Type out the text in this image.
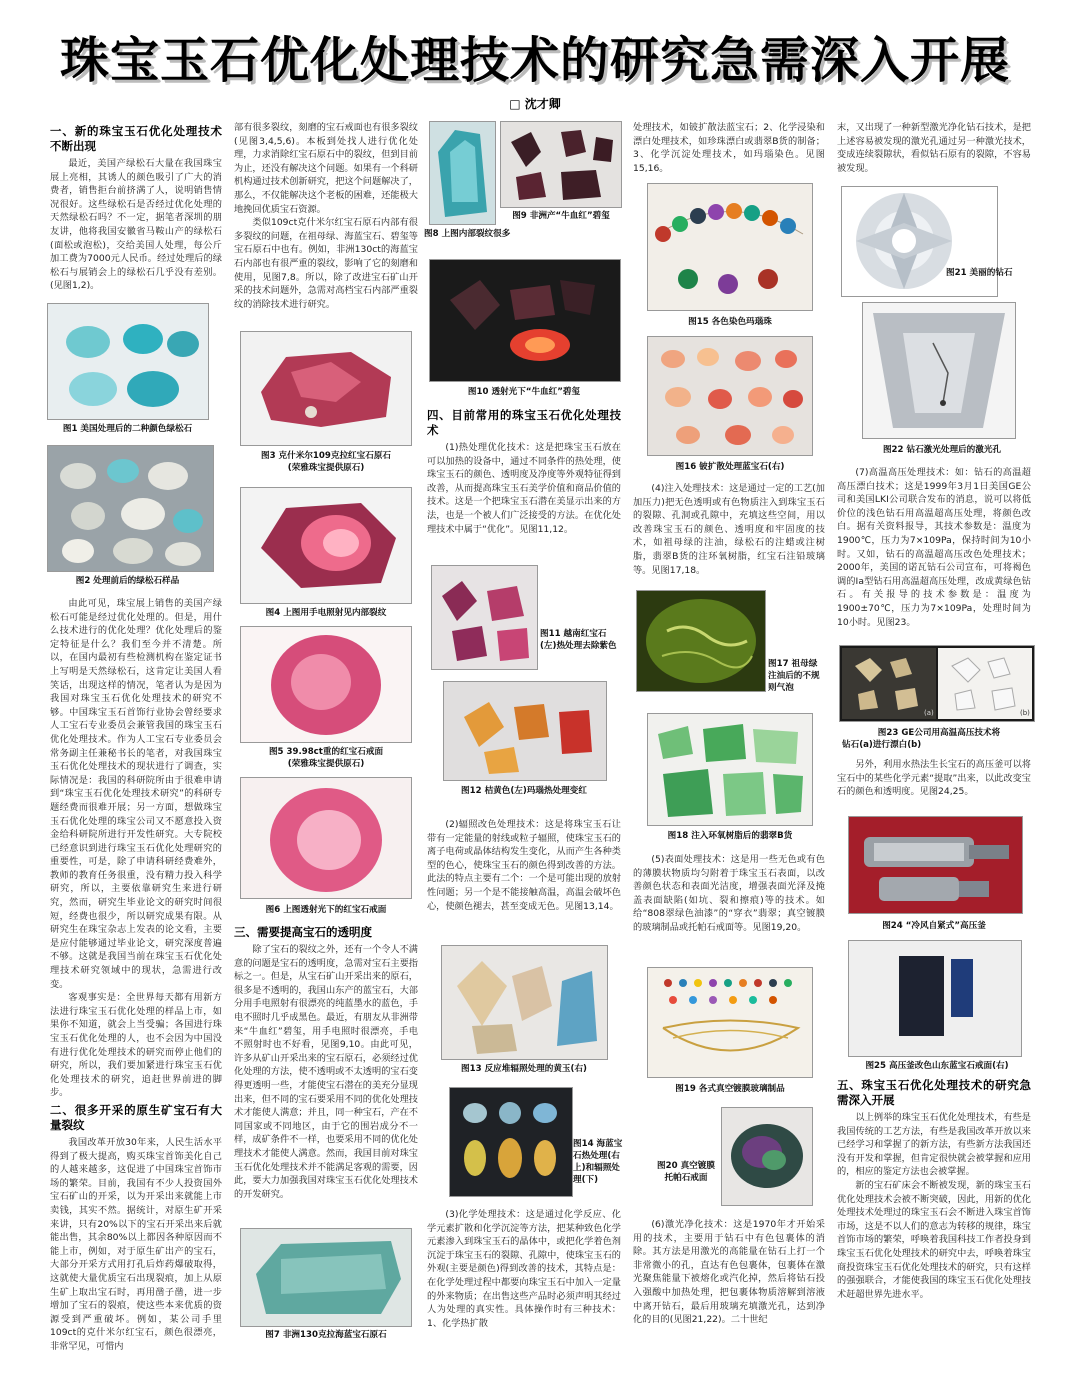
珠宝玉石优化处理技术的研究急需深入开展
□ 沈才卿
一、新的珠宝玉石优化处理技术不断出现

最近，美国产绿松石大量在我国珠宝展上亮相，其诱人的颜色吸引了广大的消费者，销售拒台前挤满了人，说明销售情况很好。这些绿松石是否经过优化处理的天然绿松石吗？不一定，据笔者深圳的朋友讲，他将我国安徽省马鞍山产的绿松石(面松或泡松)，交给美国人处理，每公斤加工费为7000元人民币。经过处理后的绿松石与展销会上的绿松石几乎没有差别。(见图1,2)。

图1 美国处理后的二种颜色绿松石
图2 处理前后的绿松石样品

由此可见，珠宝展上销售的美国产绿松石可能是经过优化处理的。但是，用什么技术进行的优化处理？优化处理后的鉴定特征是什么？我们至今并不清楚。所以，在国内最初有些检测机构在鉴定证书上写明是天然绿松石，这肯定让美国人看笑话，出现这样的情况，笔者认为是因为我国对珠宝玉石优化处理技术的研究不够。中国珠宝玉石首饰行业协会曾经要求人工宝石专业委员会兼管我国的珠宝玉石优化处理技术。作为人工宝石专业委员会常务副主任兼秘书长的笔者，对我国珠宝玉石优化处理技术的现状进行了调查，实际情况是：我国的科研院所由于很难申请到“珠宝玉石优化处理技术研究”的科研专题经费而很难开展；另一方面，想做珠宝玉石优化处理的珠宝公司又不愿意投入资金给科研院所进行开发性研究。大专院校已经意识到进行珠宝玉石优化处理研究的重要性，可是，除了申请科研经费难外，教师的教育任务很重，没有精力投入科学研究，所以，主要依靠研究生来进行研究，然而，研究生毕业论文的研究时间很短，经费也很少，所以研究成果有限。从研究生在珠宝杂志上发表的论文看，主要是应付能够通过毕业论文，研究深度普遍不够。这就是我国当前在珠宝玉石优化处理技术研究领域中的现状，急需进行改变。

客观事实是：全世界每天都有用新方法进行珠宝玉石优化处理的样品上市，如果你不知道，就会上当受骗；各国进行珠宝玉石优化处理的人，也不会因为中国没有进行优化处理技术的研究而停止他们的研究，所以，我们要加紧进行珠宝玉石优化处理技术的研究，追赶世界前进的脚步。

二、很多开采的原生矿宝石有大量裂纹

我国改革开放30年来，人民生活水平得到了极大提高，购买珠宝首饰美化自己的人越来越多，这促进了中国珠宝首饰市场的繁荣。目前，我国有不少人投资国外宝石矿山的开采，以为开采出来就能上市卖钱，其实不然。据统计，对原生矿开采来讲，只有20%以下的宝石开采出来后就能出售，其余80%以上都因各种原因而不能上市，例如，对于原生矿出产的宝石，大部分开采方式用打孔后炸药爆破取得，这就使大量优质宝石出现裂痕，加上从原生矿上取出宝石时，再用凿子凿，进一步增加了宝石的裂痕，使这些本来优质的资源受到严重破坏。例如，某公司手里109ct的克什米尔红宝石，颜色很漂亮，非常罕见，可惜内

部有很多裂纹，刻磨的宝石戒面也有很多裂纹(见图3,4,5,6)。本板到处找人进行优化处理，力求消除红宝石原石中的裂纹，但到目前为止，还没有解决这个问题。如果有一个科研机构通过技术创新研究，把这个问题解决了，那么，不仅能解决这个老板的困难，还能极大地挽回优质宝石资源。

类似109ct克什米尔红宝石原石内部有很多裂纹的问题，在祖母绿、海蓝宝石、碧玺等宝石原石中也有。例如，非洲130ct的海蓝宝石内部也有很严重的裂纹，影响了它的刻磨和使用，见图7,8。所以，除了改进宝石矿山开采的技术问题外，急需对高档宝石内部严重裂纹的消除技术进行研究。

图3 克什米尔109克拉红宝石原石
(荣雅珠宝提供原石)
图4 上图用手电照射见内部裂纹
图5 39.98ct重的红宝石戒面
(荣雅珠宝提供原石)
图6 上图透射光下的红宝石戒面
三、需要提高宝石的透明度

除了宝石的裂纹之外，还有一个令人不满意的问题是宝石的透明度，急需对宝石主要指标之一。但是，从宝石矿山开采出来的原石，很多是不透明的，我国山东产的蓝宝石，大部分用手电照射有很漂亮的纯蓝墨水的蓝色，手电不照时几乎成黑色。最近，有朋友从非洲带来“牛血红”碧玺，用手电照时很漂亮，手电不照射时也不好看，见图9,10。由此可见，许多从矿山开采出来的宝石原石，必须经过优化处理的方法，使不透明或不太透明的宝石变得更透明一些，才能使宝石潜在的美充分显现出来，但不同的宝石要采用不同的优化处理技术才能使人满意；并且，同一种宝石，产在不同国家或不同地区，由于它的围岩成分不一样，成矿条件不一样，也要采用不同的优化处理技术才能使人满意。然而，我国目前对珠宝玉石优化处理技术并不能满足客观的需要，因此，要大力加强我国对珠宝玉石优化处理技术的开发研究。

图7 非洲130克拉海蓝宝石原石
图9 非洲产“牛血红”碧玺
图8 上图内部裂纹很多
图10 透射光下“牛血红”碧玺
四、目前常用的珠宝玉石优化处理技术

(1)热处理优化技术：这是把珠宝玉石放在可以加热的设备中，通过不同条件的热处理，使珠宝玉石的颜色、透明度及净度等外观特征得到改善，从而提高珠宝玉石美学价值和商品价值的技术。这是一个把珠宝玉石潜在美显示出来的方法，也是一个被人们广泛接受的方法。在优化处理技术中属于“优化”。见图11,12。

图11 越南红宝石(左)热处理去除紫色
图12 桔黄色(左)玛瑙热处理变红

(2)辐照改色处理技术：这是将珠宝玉石让带有一定能量的射线或粒子辐照，使珠宝玉石的离子电荷或晶体结构发生变化，从而产生各种类型的色心，使珠宝玉石的颜色得到改善的方法。此法的特点主要有二个：一个是可能出现的放射性问题；另一个是不能接触高温，高温会破坏色心，使颜色褪去，甚至变成无色。见图13,14。

图13 反应堆辐照处理的黄玉(右)
图14 海蓝宝石热处理(右上)和辐照处理(下)

(3)化学处理技术：这是通过化学反应、化学元素扩散和化学沉淀等方法，把某种致色化学元素渗入到珠宝玉石的晶体中，或把化学着色剂沉淀于珠宝玉石的裂隙、孔隙中，使珠宝玉石的外观(主要是颜色)得到改善的技术，其特点是：在化学处理过程中都要向珠宝玉石中加入一定量的外来物质；在出售这些产品时必须声明其经过人为处理的真实性。具体操作时有三种技术：1、化学热扩散

处理技术，如铍扩散法蓝宝石；2、化学浸染和漂白处理技术，如珍珠漂白或翡翠B货的制备；3、化学沉淀处理技术，如玛瑙染色。见图15,16。

图15 各色染色玛瑙珠
图16 铍扩散处理蓝宝石(右)

(4)注入处理技术：这是通过一定的工艺(加加压力)把无色透明或有色物质注入到珠宝玉石的裂隙、孔洞或孔隙中，充填这些空间，用以改善珠宝玉石的颜色、透明度和牢固度的技术，如祖母绿的注油，绿松石的注蜡或注树脂，翡翠B货的注环氧树脂，红宝石注铅玻璃等。见图17,18。

图17 祖母绿注油后的不规则气泡
图18 注入环氧树脂后的翡翠B货

(5)表面处理技术：这是用一些无色或有色的薄膜状物质均匀附着于珠宝玉石表面，以改善颜色状态和表面光洁度，增强表面光泽及掩盖表面缺陷(如坑、裂和擦痕)等的技术。如给“808翠绿色油漆”的“穿衣”翡翠；真空镀膜的玻璃制品或托帕石戒面等。见图19,20。

图19 各式真空镀膜玻璃制品
图20 真空镀膜托帕石戒面

(6)激光净化技术：这是1970年才开始采用的技术，主要用于钻石中有色包裹体的消除。其方法是用激光的高能量在钻石上打一个非常微小的孔，直达有色包裹体，包裹体在激光聚焦能量下被熔化或汽化掉，然后将钻石投入强酸中加热处理，把包裹体物质溶解到溶液中离开钻石，最后用玻璃充填激光孔，达到净化的目的(见图21,22)。二十世纪

末，又出现了一种新型激光净化钻石技术，是把上述容易被发现的激光孔通过另一种激光技术，变成连续裂隙状，看似钻石原有的裂隙，不容易被发现。

图21 美丽的钻石
图22 钻石激光处理后的激光孔

(7)高温高压处理技术：如：钻石的高温超高压漂白技术；这是1999年3月1日美国GE公司和美国LKI公司联合发布的消息，说可以将低价位的浅色钻石用高温超高压处理，将颜色改白。据有关资料报导，其技术参数是：温度为1900℃，压力为7×109Pa，保持时间为10小时。又如，钻石的高温超高压改色处理技术；2000年，美国的诺瓦钻石公司宣布，可将褐色调的Ⅰa型钻石用高温超高压处理，改成黄绿色钻石。有关报导的技术参数是：温度为1900±70℃，压力为7×109Pa，处理时间为10小时。见图23。

(a)	(b)
图23 GE公司用高温高压技术将
钻石(a)进行漂白(b)

另外，利用水热法生长宝石的高压釜可以将宝石中的某些化学元素“提取”出来，以此改变宝石的颜色和透明度。见图24,25。

图24 “冷风自紧式”高压釜
图25 高压釜改色山东蓝宝石戒面(右)
五、珠宝玉石优化处理技术的研究急需深入开展

以上例举的珠宝玉石优化处理技术，有些是我国传统的工艺方法，有些是我国改革开放以来已经学习和掌握了的新方法，有些新方法我国还没有开发和掌握，但肯定很快就会被掌握和应用的，相应的鉴定方法也会被掌握。

新的宝石矿床会不断被发现，新的珠宝玉石优化处理技术会被不断突破，因此，用新的优化处理技术处理过的珠宝玉石会不断进入珠宝首饰市场，这是不以人们的意志为转移的规律，珠宝首饰市场的繁荣，呼唤着我国科技工作者投身到珠宝玉石优化处理技术的研究中去，呼唤着珠宝商投资珠宝玉石优化处理技术的研究，只有这样的强强联合，才能使我国的珠宝玉石优化处理技术赶超世界先进水平。
